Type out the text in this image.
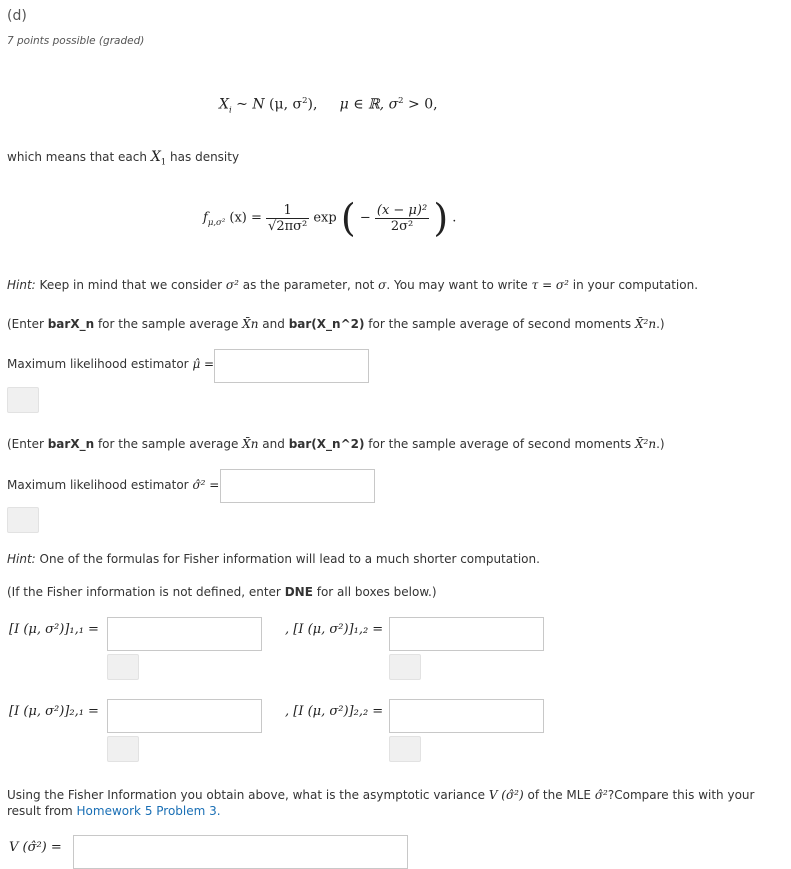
(d)
7 points possible (graded)
$X_i$ ~ N (μ, $\sigma^2$), μ ∈ ℝ, $\sigma^2 > 0$,
which means that each $X_1$ has density
$f_{\mu,\sigma^2}$ $(x) = \frac{1}{\text{√2πσ²}}$ exp ( − $\frac{\text{(x − μ)²}}{\text{2σ²}}$ ) .
Hint: Keep in mind that we consider σ² as the parameter, not σ. You may want to write τ = σ² in your computation.
(Enter barX_n for the sample average X̄n and bar(X_n^2) for the sample average of second moments X̄²n.)
Maximum likelihood estimator μ̂ =
(Enter barX_n for the sample average X̄n and bar(X_n^2) for the sample average of second moments X̄²n.)
Maximum likelihood estimator σ̂² =
Hint: One of the formulas for Fisher information will lead to a much shorter computation.
(If the Fisher information is not defined, enter DNE for all boxes below.)
[I (μ, σ²)]₁,₁ =	, [I (μ, σ²)]₁,₂ =
[I (μ, σ²)]₂,₁ =	, [I (μ, σ²)]₂,₂ =
Using the Fisher Information you obtain above, what is the asymptotic variance V (σ̂²) of the MLE σ̂²?Compare this with your result from Homework 5 Problem 3.
V (σ̂²) =
